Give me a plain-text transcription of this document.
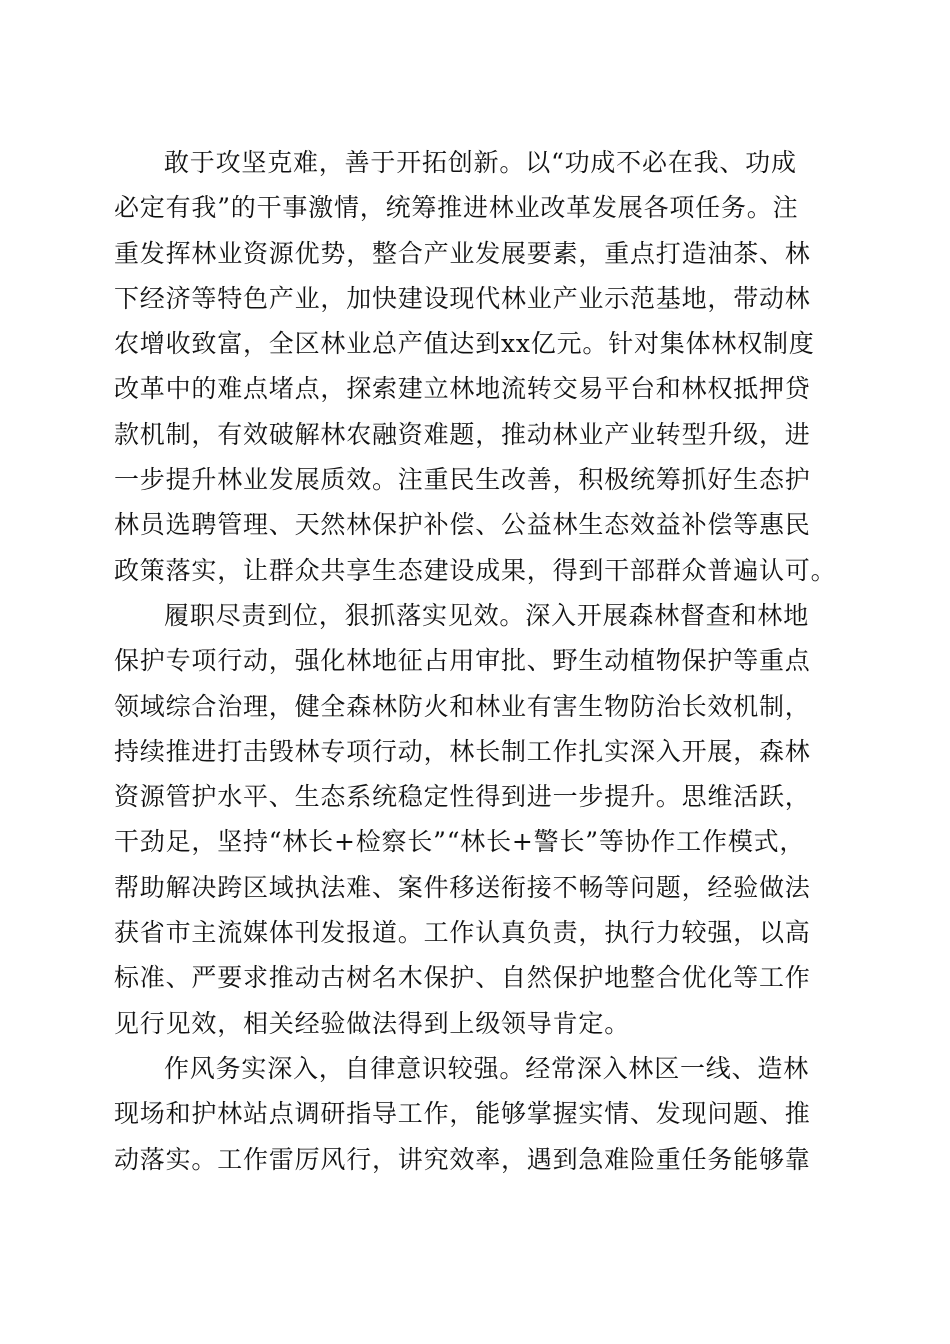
敢于攻坚克难，善于开拓创新。以“功成不必在我、功成
必定有我”的干事激情，统筹推进林业改革发展各项任务。注
重发挥林业资源优势，整合产业发展要素，重点打造油茶、林
下经济等特色产业，加快建设现代林业产业示范基地，带动林
农增收致富，全区林业总产值达到xx亿元。针对集体林权制度
改革中的难点堵点，探索建立林地流转交易平台和林权抵押贷
款机制，有效破解林农融资难题，推动林业产业转型升级，进
一步提升林业发展质效。注重民生改善，积极统筹抓好生态护
林员选聘管理、天然林保护补偿、公益林生态效益补偿等惠民
政策落实，让群众共享生态建设成果，得到干部群众普遍认可。
履职尽责到位，狠抓落实见效。深入开展森林督查和林地
保护专项行动，强化林地征占用审批、野生动植物保护等重点
领域综合治理，健全森林防火和林业有害生物防治长效机制，
持续推进打击毁林专项行动，林长制工作扎实深入开展，森林
资源管护水平、生态系统稳定性得到进一步提升。思维活跃，
干劲足，坚持“林长+检察长”“林长+警长”等协作工作模式，
帮助解决跨区域执法难、案件移送衔接不畅等问题，经验做法
获省市主流媒体刊发报道。工作认真负责，执行力较强，以高
标准、严要求推动古树名木保护、自然保护地整合优化等工作
见行见效，相关经验做法得到上级领导肯定。
作风务实深入，自律意识较强。经常深入林区一线、造林
现场和护林站点调研指导工作，能够掌握实情、发现问题、推
动落实。工作雷厉风行，讲究效率，遇到急难险重任务能够靠
